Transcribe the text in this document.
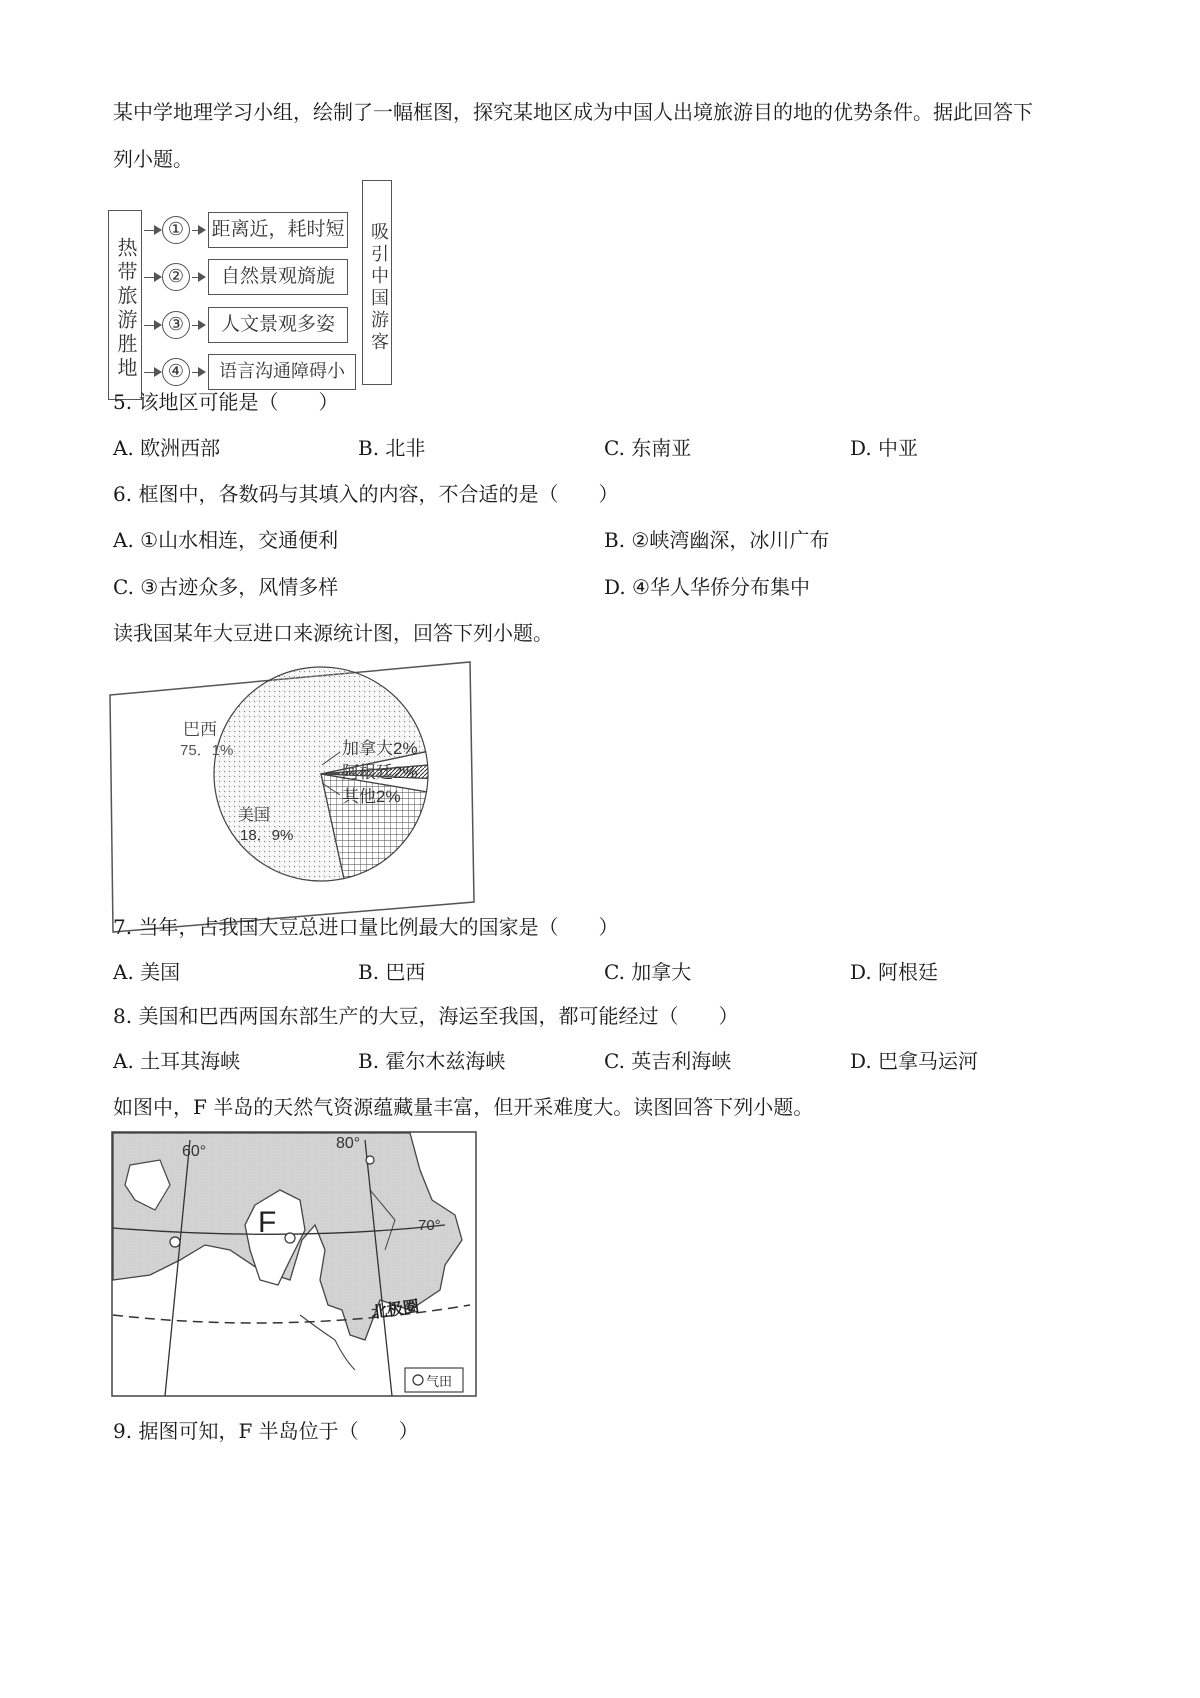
某中学地理学习小组，绘制了一幅框图，探究某地区成为中国人出境旅游目的地的优势条件。据此回答下
列小题。
热带旅游胜地
①
②
③
④
距离近，耗时短
自然景观旖旎
人文景观多姿
语言沟通障碍小
吸引中国游客
5. 该地区可能是（　　）
A. 欧洲西部	B. 北非	C. 东南亚	D. 中亚
6. 框图中，各数码与其填入的内容，不合适的是（　　）
A. ①山水相连，交通便利	B. ②峡湾幽深，冰川广布
C. ③古迹众多，风情多样	D. ④华人华侨分布集中
读我国某年大豆进口来源统计图，回答下列小题。
巴西
75．1%
美国
18．9%
加拿大2%
阿根廷2%
其他2%
7. 当年，占我国大豆总进口量比例最大的国家是（　　）
A. 美国	B. 巴西	C. 加拿大	D. 阿根廷
8. 美国和巴西两国东部生产的大豆，海运至我国，都可能经过（　　）
A. 土耳其海峡	B. 霍尔木兹海峡	C. 英吉利海峡	D. 巴拿马运河
如图中，F 半岛的天然气资源蕴藏量丰富，但开采难度大。读图回答下列小题。
60°	80°
70°
F
北极圈
气田
9. 据图可知，F 半岛位于（　　）
